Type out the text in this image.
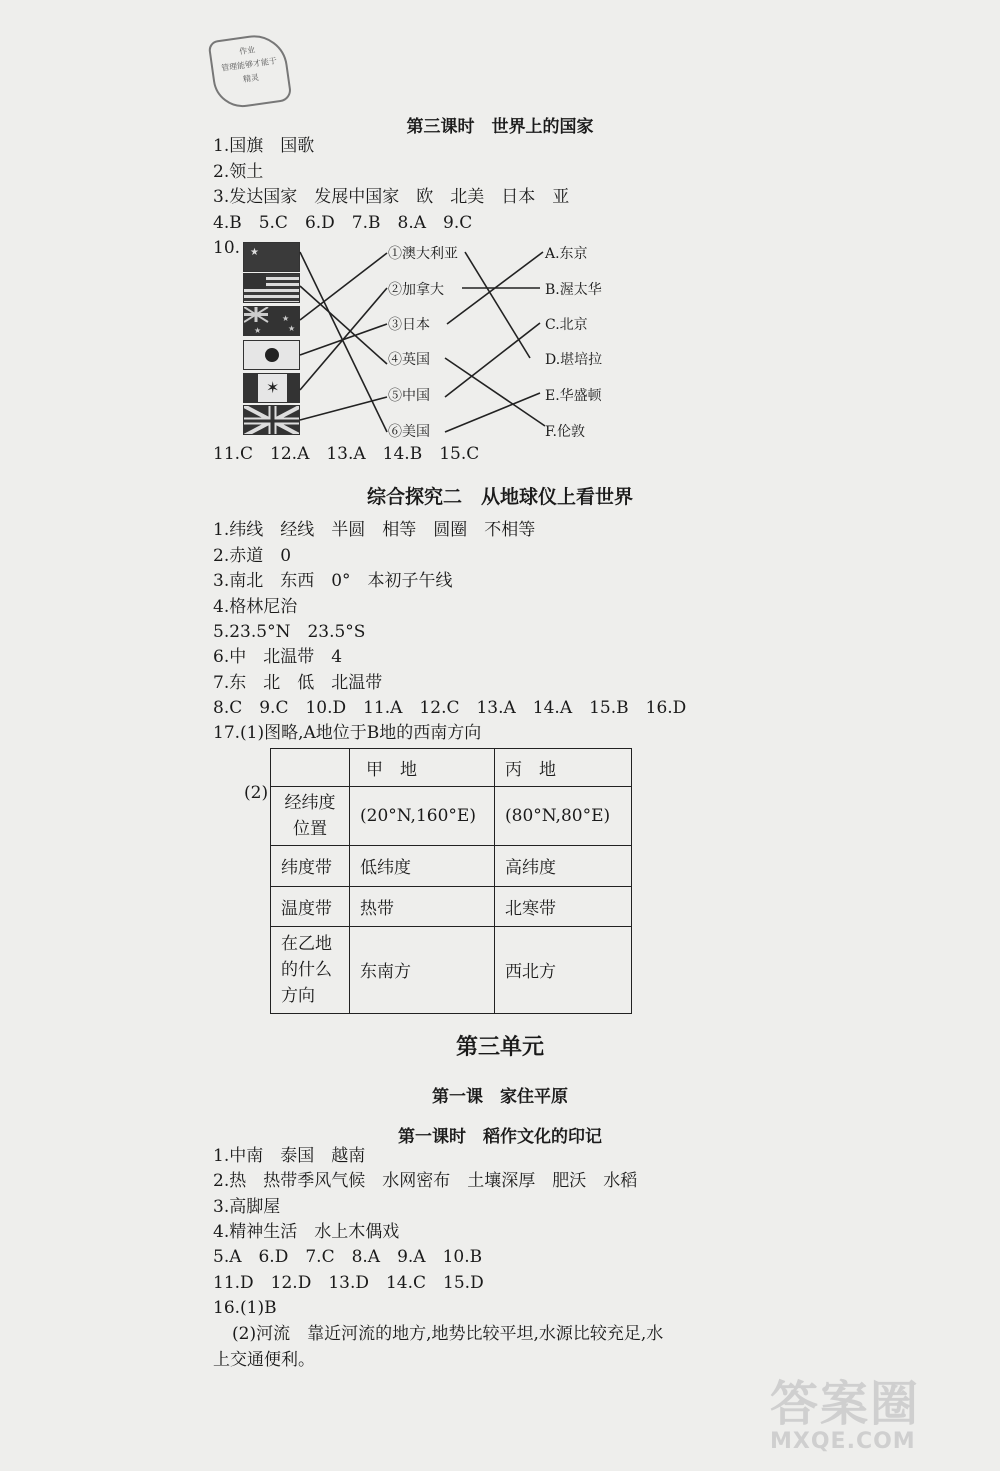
作业
管理能够才能于
精灵
第三课时　世界上的国家
1.国旗　国歌
2.领土
3.发达国家　发展中国家　欧　北美　日本　亚
4.B　5.C　6.D　7.B　8.A　9.C
10. ★
★
★
★
✶
①澳大利亚
②加拿大
③日本
④英国
⑤中国
⑥美国
A.东京
B.渥太华
C.北京
D.堪培拉
E.华盛顿
F.伦敦
11.C　12.A　13.A　14.B　15.C
综合探究二　从地球仪上看世界
1.纬线　经线　半圆　相等　圆圈　不相等
2.赤道　0
3.南北　东西　0°　本初子午线
4.格林尼治
5.23.5°N　23.5°S
6.中　北温带　4
7.东　北　低　北温带
8.C　9.C　10.D　11.A　12.C　13.A　14.A　15.B　16.D
17.(1)图略,A地位于B地的西南方向
(2)
	甲　地	丙　地
经纬度
位置	(20°N,160°E)	(80°N,80°E)
纬度带	低纬度	高纬度
温度带	热带	北寒带
在乙地
的什么
方向	东南方	西北方
第三单元
第一课　家住平原
第一课时　稻作文化的印记
1.中南　泰国　越南
2.热　热带季风气候　水网密布　土壤深厚　肥沃　水稻
3.高脚屋
4.精神生活　水上木偶戏
5.A　6.D　7.C　8.A　9.A　10.B
11.D　12.D　13.D　14.C　15.D
16.(1)B
(2)河流　靠近河流的地方,地势比较平坦,水源比较充足,水
上交通便利。
答案圈
MXQE.COM
